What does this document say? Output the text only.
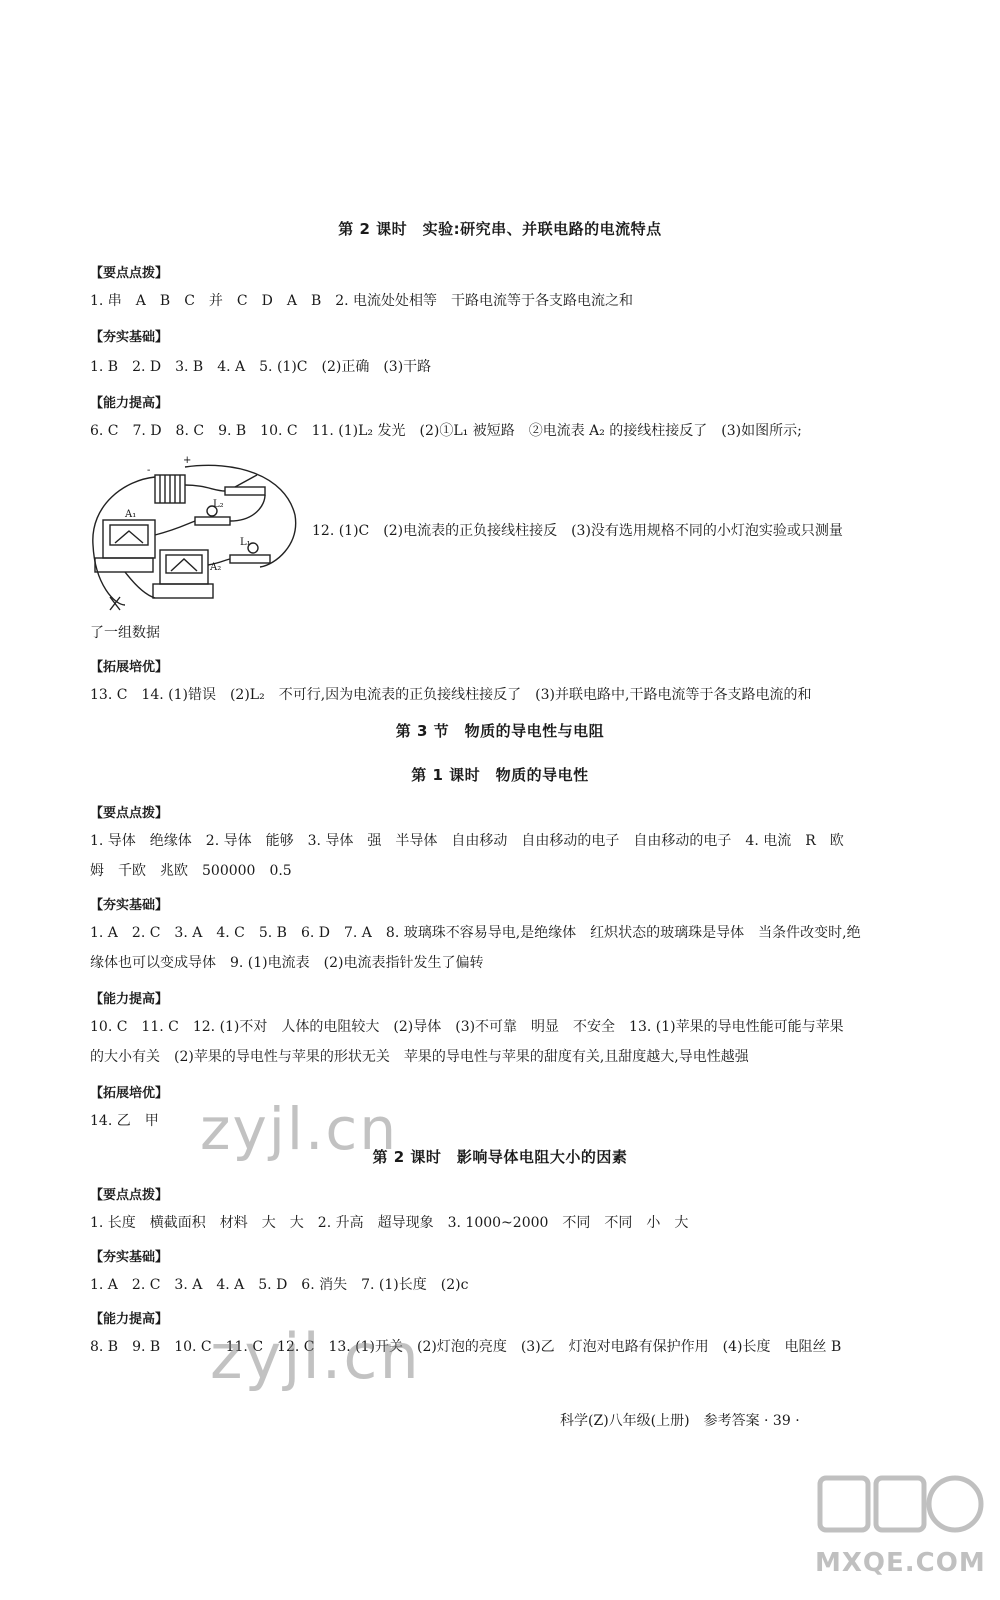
第 2 课时　实验:研究串、并联电路的电流特点
【要点点拨】
1. 串　A　B　C　并　C　D　A　B　2. 电流处处相等　干路电流等于各支路电流之和
【夯实基础】
1. B　2. D　3. B　4. A　5. (1)C　(2)正确　(3)干路
【能力提高】
6. C　7. D　8. C　9. B　10. C　11. (1)L₂ 发光　(2)①L₁ 被短路　②电流表 A₂ 的接线柱接反了　(3)如图所示;
A₁
A₂
L₁
L₂
-
+
12. (1)C　(2)电流表的正负接线柱接反　(3)没有选用规格不同的小灯泡实验或只测量
了一组数据
【拓展培优】
13. C　14. (1)错误　(2)L₂　不可行,因为电流表的正负接线柱接反了　(3)并联电路中,干路电流等于各支路电流的和
第 3 节　物质的导电性与电阻
第 1 课时　物质的导电性
【要点点拨】
1. 导体　绝缘体　2. 导体　能够　3. 导体　强　半导体　自由移动　自由移动的电子　自由移动的电子　4. 电流　R　欧
姆　千欧　兆欧　500000　0.5
【夯实基础】
1. A　2. C　3. A　4. C　5. B　6. D　7. A　8. 玻璃珠不容易导电,是绝缘体　红炽状态的玻璃珠是导体　当条件改变时,绝
缘体也可以变成导体　9. (1)电流表　(2)电流表指针发生了偏转
【能力提高】
10. C　11. C　12. (1)不对　人体的电阻较大　(2)导体　(3)不可靠　明显　不安全　13. (1)苹果的导电性能可能与苹果
的大小有关　(2)苹果的导电性与苹果的形状无关　苹果的导电性与苹果的甜度有关,且甜度越大,导电性越强
【拓展培优】
14. 乙　甲
第 2 课时　影响导体电阻大小的因素
【要点点拨】
1. 长度　横截面积　材料　大　大　2. 升高　超导现象　3. 1000~2000　不同　不同　小　大
【夯实基础】
1. A　2. C　3. A　4. A　5. D　6. 消失　7. (1)长度　(2)c
【能力提高】
8. B　9. B　10. C　11. C　12. C　13. (1)开关　(2)灯泡的亮度　(3)乙　灯泡对电路有保护作用　(4)长度　电阻丝 B
科学(Z)八年级(上册)　参考答案 · 39 ·
zyjl.cn
zyjl.cn
MXQE.COM
